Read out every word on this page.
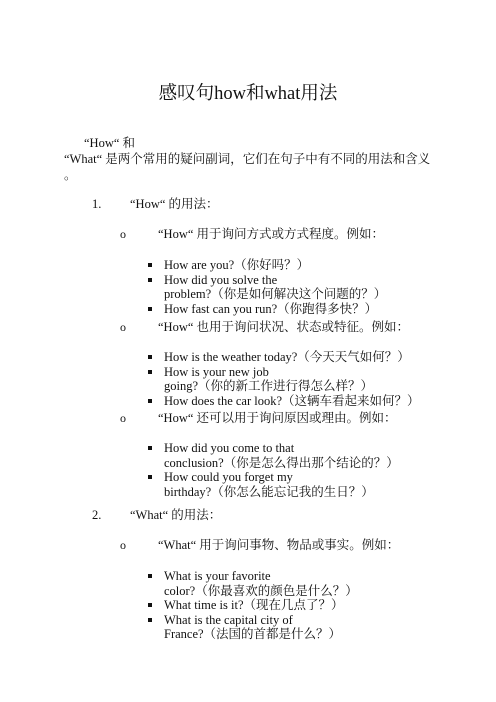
感叹句how和what用法
“How“ 和
“What“ 是两个常用的疑问副词，它们在句子中有不同的用法和含义
。
1. “How“ 的用法：
o	“How“ 用于询问方式或方式程度。例如：
How are you?（你好吗？）
How did you solve the
problem?（你是如何解决这个问题的？）
How fast can you run?（你跑得多快？）
o	“How“ 也用于询问状况、状态或特征。例如：
How is the weather today?（今天天气如何？）
How is your new job
going?（你的新工作进行得怎么样？）
How does the car look?（这辆车看起来如何？）
o	“How“ 还可以用于询问原因或理由。例如：
How did you come to that
conclusion?（你是怎么得出那个结论的？）
How could you forget my
birthday?（你怎么能忘记我的生日？）
2. “What“ 的用法：
o	“What“ 用于询问事物、物品或事实。例如：
What is your favorite
color?（你最喜欢的颜色是什么？）
What time is it?（现在几点了？）
What is the capital city of
France?（法国的首都是什么？）
